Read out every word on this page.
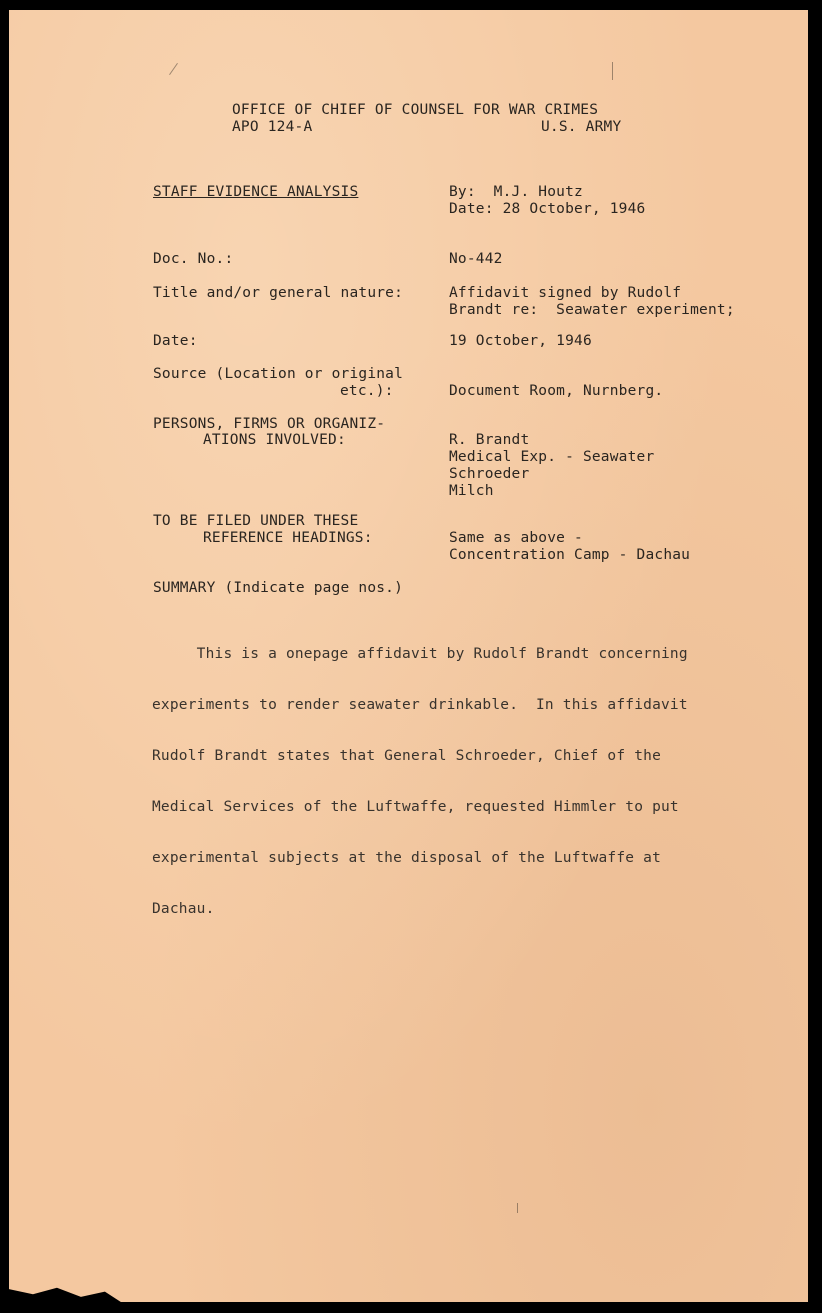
OFFICE OF CHIEF OF COUNSEL FOR WAR CRIMES
APO 124-A	U.S. ARMY
STAFF EVIDENCE ANALYSIS	By:  M.J. Houtz
Date: 28 October, 1946
Doc. No.:	No-442
Title and/or general nature:	Affidavit signed by Rudolf
Brandt re:  Seawater experiment;
Date:	19 October, 1946
Source (Location or original
etc.):	Document Room, Nurnberg.
PERSONS, FIRMS OR ORGANIZ-
ATIONS INVOLVED:	R. Brandt
Medical Exp. - Seawater
Schroeder
Milch
TO BE FILED UNDER THESE
REFERENCE HEADINGS:	Same as above -
Concentration Camp - Dachau
SUMMARY (Indicate page nos.)

This is a onepage affidavit by Rudolf Brandt concerning

experiments to render seawater drinkable.  In this affidavit

Rudolf Brandt states that General Schroeder, Chief of the

Medical Services of the Luftwaffe, requested Himmler to put

experimental subjects at the disposal of the Luftwaffe at

Dachau.
